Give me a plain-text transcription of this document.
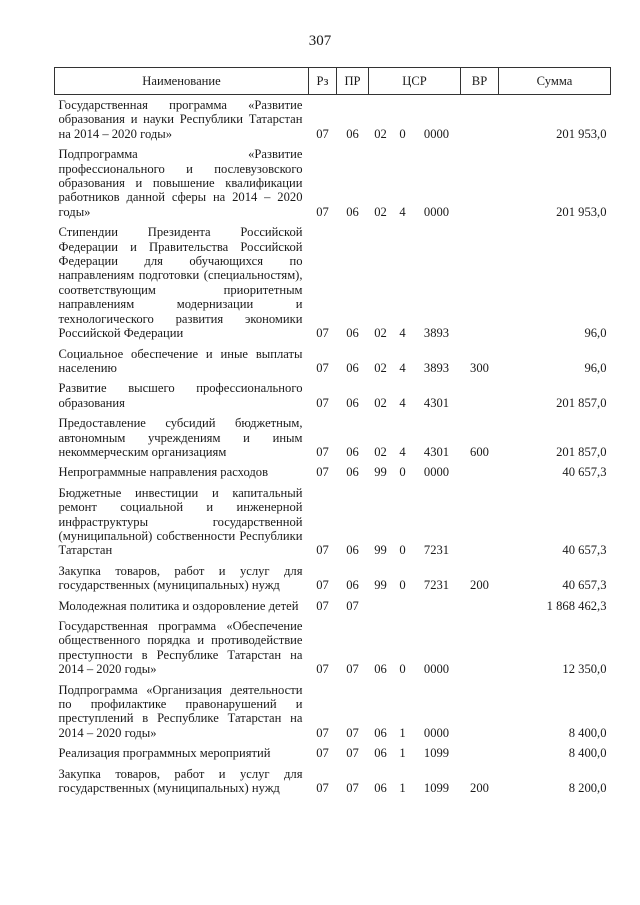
307
Наименование	Рз	ПР	ЦСР			ВР	Сумма
Государственная программа «Развитие образования и науки Республики Татарстан на 2014 – 2020 годы»	07	06	02	0	0000		201 953,0
Подпрограмма «Развитие профессионального и послевузовского образования и повышение квалификации работников данной сферы на 2014 – 2020 годы»	07	06	02	4	0000		201 953,0
Стипендии Президента Российской Федерации и Правительства Российской Федерации для обучающихся по направлениям подготовки (специальностям), соответствующим приоритетным направлениям модернизации и технологического развития экономики Российской Федерации	07	06	02	4	3893		96,0
Социальное обеспечение и иные выплаты населению	07	06	02	4	3893	300	96,0
Развитие высшего профессионального образования	07	06	02	4	4301		201 857,0
Предоставление субсидий бюджетным, автономным учреждениям и иным некоммерческим организациям	07	06	02	4	4301	600	201 857,0
Непрограммные направления расходов	07	06	99	0	0000		40 657,3
Бюджетные инвестиции и капитальный ремонт социальной и инженерной инфраструктуры государственной (муниципальной) собственности Республики Татарстан	07	06	99	0	7231		40 657,3
Закупка товаров, работ и услуг для государственных (муниципальных) нужд	07	06	99	0	7231	200	40 657,3
Молодежная политика и оздоровление детей	07	07					1 868 462,3
Государственная программа «Обеспечение общественного порядка и противодействие преступности в Республике Татарстан на 2014 – 2020 годы»	07	07	06	0	0000		12 350,0
Подпрограмма «Организация деятельности по профилактике правонарушений и преступлений в Республике Татарстан на 2014 – 2020 годы»	07	07	06	1	0000		8 400,0
Реализация программных мероприятий	07	07	06	1	1099		8 400,0
Закупка товаров, работ и услуг для государственных (муниципальных) нужд	07	07	06	1	1099	200	8 200,0
